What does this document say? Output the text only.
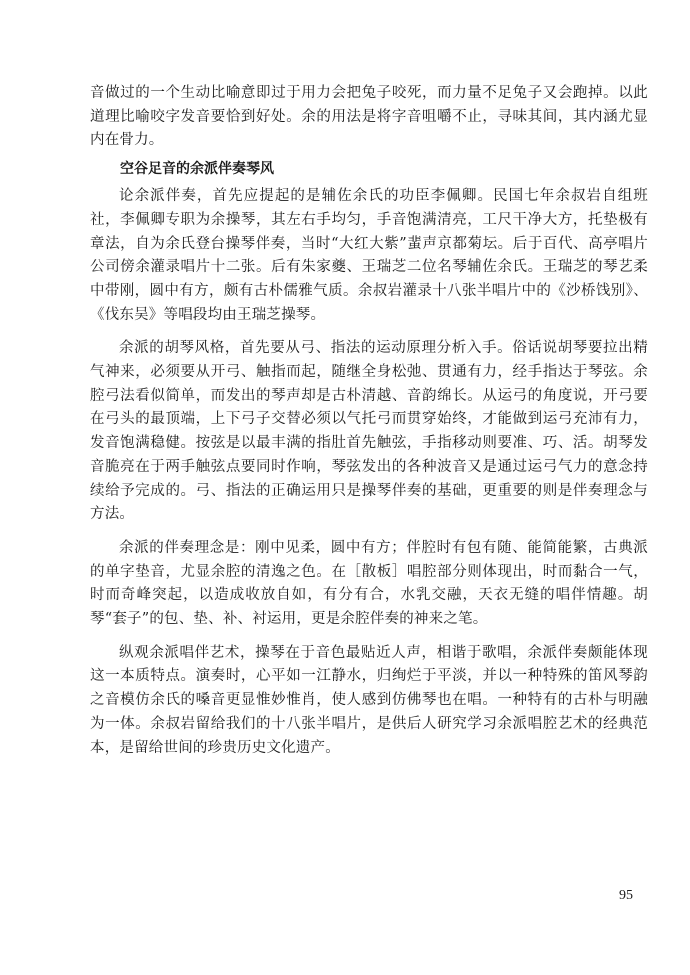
音做过的一个生动比喻意即过于用力会把兔子咬死，而力量不足兔子又会跑掉。以此道理比喻咬字发音要恰到好处。余的用法是将字音咀嚼不止，寻味其间，其内涵尤显内在骨力。

空谷足音的余派伴奏琴风

论余派伴奏，首先应提起的是辅佐余氏的功臣李佩卿。民国七年余叔岩自组班社，李佩卿专职为余操琴，其左右手均匀，手音饱满清亮，工尺干净大方，托垫极有章法，自为余氏登台操琴伴奏，当时“大红大紫”蜚声京都菊坛。后于百代、高亭唱片公司傍余灌录唱片十二张。后有朱家夔、王瑞芝二位名琴辅佐余氏。王瑞芝的琴艺柔中带刚，圆中有方，颇有古朴儒雅气质。余叔岩灌录十八张半唱片中的《沙桥饯别》、《伐东吴》等唱段均由王瑞芝操琴。

余派的胡琴风格，首先要从弓、指法的运动原理分析入手。俗话说胡琴要拉出精气神来，必须要从开弓、触指而起，随继全身松弛、贯通有力，经手指达于琴弦。余腔弓法看似简单，而发出的琴声却是古朴清越、音韵绵长。从运弓的角度说，开弓要在弓头的最顶端，上下弓子交替必须以气托弓而贯穿始终，才能做到运弓充沛有力，发音饱满稳健。按弦是以最丰满的指肚首先触弦，手指移动则要准、巧、活。胡琴发音脆亮在于两手触弦点要同时作响，琴弦发出的各种波音又是通过运弓气力的意念持续给予完成的。弓、指法的正确运用只是操琴伴奏的基础，更重要的则是伴奏理念与方法。

余派的伴奏理念是：刚中见柔，圆中有方；伴腔时有包有随、能简能繁，古典派的单字垫音，尤显余腔的清逸之色。在［散板］唱腔部分则体现出，时而黏合一气，时而奇峰突起，以造成收放自如，有分有合，水乳交融，天衣无缝的唱伴情趣。胡琴“套子”的包、垫、补、衬运用，更是余腔伴奏的神来之笔。

纵观余派唱伴艺术，操琴在于音色最贴近人声，相谐于歌唱，余派伴奏颇能体现这一本质特点。演奏时，心平如一江静水，归绚烂于平淡，并以一种特殊的笛风琴韵之音模仿余氏的嗓音更显惟妙惟肖，使人感到仿佛琴也在唱。一种特有的古朴与明融为一体。余叔岩留给我们的十八张半唱片，是供后人研究学习余派唱腔艺术的经典范本，是留给世间的珍贵历史文化遗产。

95
